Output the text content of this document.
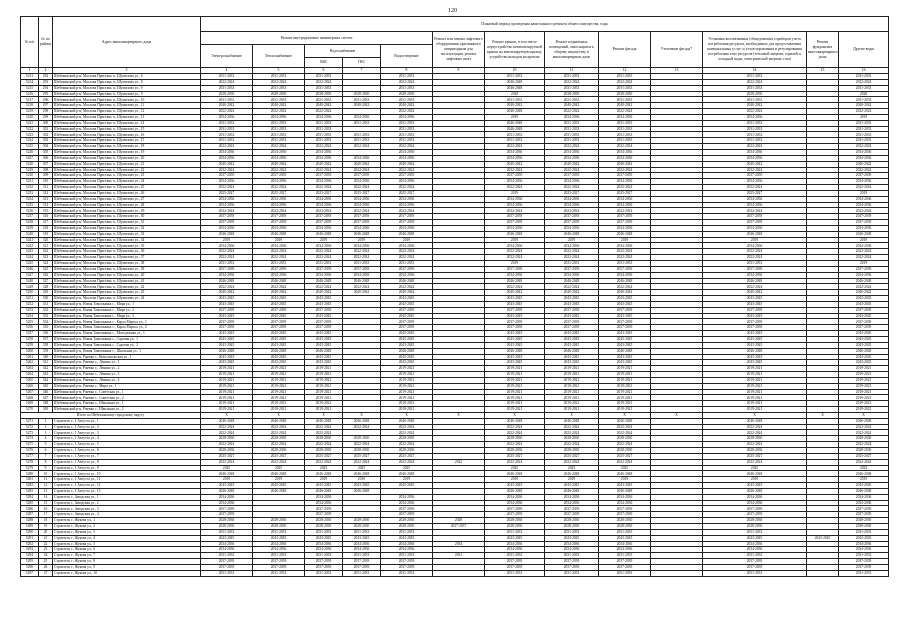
120
№ п/п	№ по району	Адрес многоквартирного дома	Плановый период проведения капитального ремонта общего имущества, годы												
			Ремонт внутридомовых инженерных систем					Ремонт или замена лифтового оборудования, признанного непригодным для эксплуатации, ремонт лифтовых шахт	Ремонт крыши, в том числе переустройство невентилируемой крыши на вентилируемую крышу, устройство выходов на кровлю	Ремонт подвальных помещений, относящихся к общему имуществу в многоквартирном доме	Ремонт фасада	Утепление фасада*	Установка коллективных (общедомовых) приборов учета потребления ресурсов, необходимых для предоставления коммунальных услуг, и узлов управления и регулирования потребления этих ресурсов (тепловой энергии, горячей и холодной воды, электрической энергии, газа)	Ремонт фундамента многоквартирного дома	Другие виды
			Электроснабжение	Теплоснабжение	Водоснабжение		Водоотведение								
					ХВС	ГВС									
1	2	3	4	5	6	7	8	9	10	11	12	13	14	15	16
5213	292	Шебекинский р-н, Маслова Пристань п., Шумилова ул., 6	2031-2033	2031-2033	2031-2033		2031-2033		2031-2033	2031-2033	2031-2033		2031-2033		2031-2033
5214	293	Шебекинский р-н, Маслова Пристань п., Шумилова ул., 8	2022-2024	2022-2024	2022-2024		2022-2024		2046-2048	2022-2024	2022-2024		2022-2024		2022-2024
5215	294	Шебекинский р-н, Маслова Пристань п., Шумилова ул., 9	2031-2033	2031-2033	2031-2033		2031-2033		2046-2048	2031-2033	2031-2033		2031-2033		2031-2033
5216	295	Шебекинский р-н, Маслова Пристань п., Шумилова ул., 9	2028-2030	2028-2030	2028-2030	2028-2030	2028-2030		2028	2028-2030	2028-2030		2028-2030		2028
5217	296	Шебекинский р-н, Маслова Пристань п., Шумилова ул., 10	2031-2033	2031-2033	2031-2033	2031-2033	2031-2033		2031-2033	2031-2033	2031-2033		2031-2033		2031-2033
5218	297	Шебекинский р-н, Маслова Пристань п., Шумилова ул., 11	2040-2042	2040-2042	2040-2042	2040-2042	2040-2042		2040-2042	2040-2042	2040-2042		2040-2042		2040-2042
5219	298	Шебекинский р-н, Маслова Пристань п., Шумилова ул., 12	2022-2024	2022-2024	2022-2024		2022-2024		2046-2048	2022-2024	2022-2024		2022-2024		2022-2024
5220	299	Шебекинский р-н, Маслова Пристань п., Шумилова ул., 13	2034-2036	2034-2036	2034-2036	2034-2036	2034-2036		2019	2034-2036	2034-2036		2034-2036		2019
5221	300	Шебекинский р-н, Маслова Пристань п., Шумилова ул., 14	2031-2033	2031-2033	2031-2033	2031-2033	2031-2033		2046-2048	2031-2033	2031-2033		2031-2033		2031-2033
5222	301	Шебекинский р-н, Маслова Пристань п., Шумилова ул., 15	2031-2033	2031-2033	2031-2033		2031-2033		2046-2048	2031-2033	2031-2033		2031-2033		2031-2033
5223	302	Шебекинский р-н, Маслова Пристань п., Шумилова ул., 16	2031-2033	2031-2033	2031-2033	2031-2033	2031-2033		2031-2033	2031-2033	2031-2033		2031-2033		2031-2033
5224	303	Шебекинский р-н, Маслова Пристань п., Шумилова ул., 17	2031-2033	2031-2033	2031-2033	2031-2033	2031-2033		2031-2033	2031-2033	2031-2033		2031-2033		2031-2033
5225	304	Шебекинский р-н, Маслова Пристань п., Шумилова ул., 18	2022-2024	2022-2024	2022-2024	2022-2024	2022-2024		2022-2024	2022-2024	2022-2024		2022-2024		2022-2024
5226	305	Шебекинский р-н, Маслова Пристань п., Шумилова ул., 19	2034-2036	2034-2036	2034-2036		2034-2036		2034-2036	2034-2036	2034-2036		2034-2036		2034-2036
5227	306	Шебекинский р-н, Маслова Пристань п., Шумилова ул., 20	2034-2036	2034-2036	2034-2036	2034-2036	2034-2036		2034-2036	2034-2036	2034-2036		2034-2036		2034-2036
5228	307	Шебекинский р-н, Маслова Пристань п., Шумилова ул., 21	2040-2042	2040-2042	2040-2042	2040-2042	2040-2042		2040-2042	2040-2042	2040-2042		2040-2042		2040-2042
5229	308	Шебекинский р-н, Маслова Пристань п., Шумилова ул., 22	2022-2024	2022-2024	2022-2024	2022-2024	2022-2024		2022-2024	2022-2024	2022-2024		2022-2024		2022-2024
5230	309	Шебекинский р-н, Маслова Пристань п., Шумилова ул., 23	2037-2039	2037-2039	2037-2039	2037-2039	2037-2039		2037-2039	2037-2039	2037-2039		2037-2039		2037-2039
5231	310	Шебекинский р-н, Маслова Пристань п., Шумилова ул., 24	2034-2036	2034-2036	2034-2036	2034-2036	2034-2036		2034-2036	2034-2036	2034-2036		2034-2036		2034-2036
5232	311	Шебекинский р-н, Маслова Пристань п., Шумилова ул., 25	2022-2024	2022-2024	2022-2024	2022-2024	2022-2024		2022-2024	2022-2024	2022-2024		2022-2024		2022-2024
5233	312	Шебекинский р-н, Маслова Пристань п., Шумилова ул., 26	2025-2027	2025-2027	2025-2027	2025-2027	2025-2027		2019	2025-2027	2025-2027		2025-2027		2019
5234	313	Шебекинский р-н, Маслова Пристань п., Шумилова ул., 27	2034-2036	2034-2036	2034-2036	2034-2036	2034-2036		2034-2036	2034-2036	2034-2036		2034-2036		2034-2036
5235	314	Шебекинский р-н, Маслова Пристань п., Шумилова ул., 28	2034-2036	2034-2036	2034-2036	2034-2036	2034-2036		2034-2036	2034-2036	2034-2036		2034-2036		2034-2036
5236	315	Шебекинский р-н, Маслова Пристань п., Шумилова ул., 29	2022-2024	2022-2024	2022-2024	2022-2024	2022-2024		2022-2024	2022-2024	2022-2024		2022-2024		2022-2024
5237	316	Шебекинский р-н, Маслова Пристань п., Шумилова ул., 30	2037-2039	2037-2039	2037-2039	2037-2039	2037-2039		2037-2039	2037-2039	2037-2039		2037-2039		2037-2039
5238	317	Шебекинский р-н, Маслова Пристань п., Шумилова ул., 31	2037-2039	2037-2039	2037-2039	2037-2039	2037-2039		2037-2039	2037-2039	2037-2039		2037-2039		2037-2039
5239	318	Шебекинский р-н, Маслова Пристань п., Шумилова ул., 32	2034-2036	2034-2036	2034-2036	2034-2036	2034-2036		2034-2036	2034-2036	2034-2036		2034-2036		2034-2036
5240	319	Шебекинский р-н, Маслова Пристань п., Шумилова ул., 33	2046-2048	2046-2048	2046-2048	2046-2048	2046-2048		2046-2048	2046-2048	2046-2048		2046-2048		2046-2048
5241	320	Шебекинский р-н, Маслова Пристань п., Шумилова ул., 34	2019	2019	2019	2019	2019		2019	2019	2019		2019		2019
5242	321	Шебекинский р-н, Маслова Пристань п., Шумилова ул., 35	2034-2036	2034-2036	2034-2036	2034-2036	2034-2036		2034-2036	2034-2036	2034-2036		2034-2036		2034-2036
5243	322	Шебекинский р-н, Маслова Пристань п., Шумилова ул., 36	2022-2024	2022-2024	2022-2024	2022-2024	2022-2024		2022-2024	2022-2024	2022-2024		2022-2024		2022-2024
5244	323	Шебекинский р-н, Маслова Пристань п., Шумилова ул., 37	2022-2024	2022-2024	2022-2024	2022-2024	2022-2024		2022-2024	2022-2024	2022-2024		2022-2024		2022-2024
5245	324	Шебекинский р-н, Маслова Пристань п., Шумилова ул., 38	2031-2033	2031-2033	2031-2033	2031-2033	2031-2033		2019	2031-2033	2031-2033		2031-2033		2019
5246	325	Шебекинский р-н, Маслова Пристань п., Шумилова ул., 39	2037-2039	2037-2039	2037-2039	2037-2039	2037-2039		2037-2039	2037-2039	2037-2039		2037-2039		2037-2039
5247	326	Шебекинский р-н, Маслова Пристань п., Шумилова ул., 40	2034-2036	2034-2036	2034-2036	2034-2036	2034-2036		2034-2036	2034-2036	2034-2036		2034-2036		2034-2036
5248	327	Шебекинский р-н, Маслова Пристань п., Шумилова ул., 41	2046-2048	2046-2048	2046-2048	2046-2048	2046-2048		2046-2048	2046-2048	2046-2048		2046-2048		2046-2048
5249	328	Шебекинский р-н, Маслова Пристань п., Шумилова ул., 42	2022-2024	2022-2024	2022-2024	2022-2024	2022-2024		2022-2024	2022-2024	2022-2024		2022-2024		2022-2024
5250	329	Шебекинский р-н, Маслова Пристань п., Шумилова ул., 43	2040-2042	2040-2042	2040-2042	2040-2042	2040-2042		2040-2042	2040-2042	2040-2042		2040-2042		2040-2042
5251	330	Шебекинский р-н, Маслова Пристань п., Шумилова ул., 44	2043-2045	2043-2045	2043-2045		2043-2045		2043-2045	2043-2045	2043-2045		2043-2045		2043-2045
5252	331	Шебекинский р-н, Новая Таволжанка с., Мира ул., 1	2043-2045	2043-2045	2043-2045		2043-2045		2043-2045	2043-2045	2043-2045		2043-2045		2043-2045
5253	332	Шебекинский р-н, Новая Таволжанка с., Мира ул., 2	2037-2039	2037-2039	2037-2039		2037-2039		2037-2039	2037-2039	2037-2039		2037-2039		2037-2039
5254	333	Шебекинский р-н, Новая Таволжанка с., Мира ул., 3	2043-2045	2043-2045	2043-2045		2043-2045		2043-2045	2043-2045	2043-2045		2043-2045		2043-2045
5255	334	Шебекинский р-н, Новая Таволжанка с., Карла Маркса ул., 1	2037-2039	2037-2039	2037-2039		2037-2039		2037-2039	2037-2039	2037-2039		2037-2039		2037-2039
5256	335	Шебекинский р-н, Новая Таволжанка с., Карла Маркса ул., 2	2037-2039	2037-2039	2037-2039		2037-2039		2037-2039	2037-2039	2037-2039		2037-2039		2037-2039
5257	336	Шебекинский р-н, Новая Таволжанка с., Молодежная ул., 1	2043-2045	2043-2045	2043-2045		2043-2045		2043-2045	2043-2045	2043-2045		2043-2045		2043-2045
5258	337	Шебекинский р-н, Новая Таволжанка с., Садовая ул., 1	2043-2045	2043-2045	2043-2045		2043-2045		2043-2045	2043-2045	2043-2045		2043-2045		2043-2045
5259	338	Шебекинский р-н, Новая Таволжанка с., Садовая ул., 2	2043-2045	2043-2045	2043-2045		2043-2045		2043-2045	2043-2045	2043-2045		2043-2045		2043-2045
5260	339	Шебекинский р-н, Новая Таволжанка с., Школьная ул., 1	2046-2048	2046-2048	2046-2048		2046-2048		2046-2048	2046-2048	2046-2048		2046-2048		2046-2048
5261	340	Шебекинский р-н, Ржевка с., Комсомольская ул., 1	2043-2045	2043-2045	2043-2045		2043-2045		2043-2045	2043-2045	2043-2045		2043-2045		2043-2045
5262	341	Шебекинский р-н, Ржевка с., Ленина ул., 1	2043-2045	2043-2045	2043-2045		2043-2045		2043-2045	2043-2045	2043-2045		2043-2045		2043-2045
5263	342	Шебекинский р-н, Ржевка с., Ленина ул., 2	2019-2021	2019-2021	2019-2021		2019-2021		2019-2021	2019-2021	2019-2021		2019-2021		2019-2021
5264	343	Шебекинский р-н, Ржевка с., Ленина ул., 3	2019-2021	2019-2021	2019-2021		2019-2021		2019-2021	2019-2021	2019-2021		2019-2021		2019-2021
5265	344	Шебекинский р-н, Ржевка с., Ленина ул., 4	2019-2021	2019-2021	2019-2021		2019-2021		2019-2021	2019-2021	2019-2021		2019-2021		2019-2021
5266	345	Шебекинский р-н, Ржевка с., Мира ул., 1	2019-2021	2019-2021	2019-2021		2019-2021		2019-2021	2019-2021	2019-2021		2019-2021		2019-2021
5267	346	Шебекинский р-н, Ржевка с., Советская ул., 1	2019-2021	2019-2021	2019-2021		2019-2021		2019-2021	2019-2021	2019-2021		2019-2021		2019-2021
5268	347	Шебекинский р-н, Ржевка с., Советская ул., 2	2019-2021	2019-2021	2019-2021		2019-2021		2019-2021	2019-2021	2019-2021		2019-2021		2019-2021
5269	348	Шебекинский р-н, Ржевка с., Школьная ул., 1	2019-2021	2019-2021	2019-2021		2019-2021		2019-2021	2019-2021	2019-2021		2019-2021		2019-2021
5270	349	Шебекинский р-н, Ржевка с., Школьная ул., 2	2019-2021	2019-2021	2019-2021		2019-2021		2019-2021	2019-2021	2019-2021		2019-2021		2019-2021
Итого по Шебекинскому городскому округу			X	X	X	X	X	X	X	X	X	X	X	X	X
5271	1	Строитель г., 1 Августа ул., 1	2046-2048	2046-2048	2046-2048	2046-2048	2046-2048		2046-2048	2046-2048	2046-2048		2046-2048		2046-2048
5272	2	Строитель г., 1 Августа ул., 2	2022-2024	2022-2024	2022-2024	2022-2024	2022-2024		2022-2024	2022-2024	2022-2024		2022-2024		2022-2024
5273	3	Строитель г., 1 Августа ул., 3	2022-2024	2022-2024	2022-2024		2022-2024		2022-2024	2022-2024	2022-2024		2022-2024		2022-2024
5274	4	Строитель г., 1 Августа ул., 4	2028-2030	2028-2030	2028-2030	2028-2030	2028-2030		2028-2030	2028-2030	2028-2030		2028-2030		2028-2030
5275	5	Строитель г., 1 Августа ул., 5	2022-2024	2022-2024	2022-2024	2022-2024	2022-2024		2022-2024	2022-2024	2022-2024		2022-2024		2022-2024
5276	6	Строитель г., 1 Августа ул., 6	2028-2030	2028-2030	2028-2030	2028-2030	2028-2030		2028-2030	2028-2030	2028-2030		2028-2030		2028-2030
5277	7	Строитель г., 1 Августа ул., 7	2025-2027	2025-2027	2025-2027	2025-2027	2025-2027		2025-2027	2025-2027	2025-2027		2025-2027		2025-2027
5278	8	Строитель г., 1 Августа ул., 8	2022-2024	2022-2024	2022-2024	2022-2024	2022-2024	2022	2022-2024	2022-2024	2022-2024		2022-2024		2022-2024
5279	9	Строитель г., 1 Августа ул., 9	2025	2025	2025	2025	2025		2025	2025	2025		2025		2025
5280	10	Строитель г., 1 Августа ул., 10	2046-2048	2046-2048	2046-2048	2046-2048	2046-2048		2046-2048	2046-2048	2046-2048		2046-2048		2046-2048
5281	11	Строитель г., 1 Августа ул., 11	2019	2019	2019	2019	2019		2019	2019	2019		2019		2019
5282	12	Строитель г., 1 Августа ул., 12	2043-2045	2043-2045	2043-2045	2043-2045	2043-2045		2043-2045	2043-2045	2043-2045		2043-2045		2043-2045
5283	13	Строитель г., 1 Августа ул., 13	2046-2048	2046-2048	2046-2048	2046-2048			2046-2048	2046-2048	2046-2048		2046-2048		2046-2048
5284	14	Строитель г., Заводская ул., 1	2034-2036		2034-2036		2034-2036		2034-2036	2034-2036	2034-2036		2034-2036		2034-2036
5285	15	Строитель г., Заводская ул., 2	2034-2036		2034-2036		2034-2036		2034-2036	2034-2036	2034-2036		2034-2036		2034-2036
5286	16	Строитель г., Заводская ул., 3	2037-2039		2037-2039		2037-2039		2037-2039	2037-2039	2037-2039		2037-2039		2037-2039
5287	17	Строитель г., Заводская ул., 4	2037-2039		2037-2039		2037-2039		2037-2039	2037-2039	2037-2039		2037-2039		2037-2039
5288	18	Строитель г., Жукова ул., 1	2028-2030	2028-2030	2028-2030	2028-2030	2028-2030	2028	2028-2030	2028-2030	2028-2030		2028-2030		2028-2030
5289	19	Строитель г., Жукова ул., 2	2028-2030	2028-2030	2028-2030	2028-2030	2028-2030	2027-2037	2028-2030	2028-2030	2028-2030		2028-2030		2028-2030
5290	20	Строитель г., Жукова ул., 3	2031-2033	2031-2033	2031-2033	2031-2033	2031-2033		2031-2033	2031-2033	2031-2033		2031-2033		2031-2033
5291	21	Строитель г., Жукова ул., 4	2043-2045	2043-2045	2043-2045	2043-2045	2043-2045		2043-2045	2043-2045	2043-2045		2043-2045	2043-2045	2043-2045
5292	22	Строитель г., Жукова ул., 5	2034-2036	2034-2036	2034-2036	2034-2036	2034-2036	2034	2034-2036	2034-2036	2034-2036		2034-2036		2034-2036
5293	23	Строитель г., Жукова ул., 6	2034-2036	2034-2036	2034-2036	2034-2036	2034-2036		2034-2036	2034-2036	2034-2036		2034-2036		2034-2036
5294	24	Строитель г., Жукова ул., 7	2031-2033	2031-2033	2031-2033	2031-2033	2031-2033	2031	2031-2033	2031-2033	2031-2033		2031-2033		2031-2033
5295	25	Строитель г., Жукова ул., 8	2037-2039	2037-2039	2037-2039	2037-2039	2037-2039		2037-2039	2037-2039	2037-2039		2037-2039		2037-2039
5296	26	Строитель г., Жукова ул., 9	2037-2039	2037-2039	2037-2039	2037-2039	2037-2039		2037-2039	2037-2039	2037-2039		2037-2039		2037-2039
5297	27	Строитель г., Жукова ул., 10	2031-2033	2031-2033	2031-2033	2031-2033	2031-2033		2031-2033	2031-2033	2031-2033		2031-2033		2031-2033
